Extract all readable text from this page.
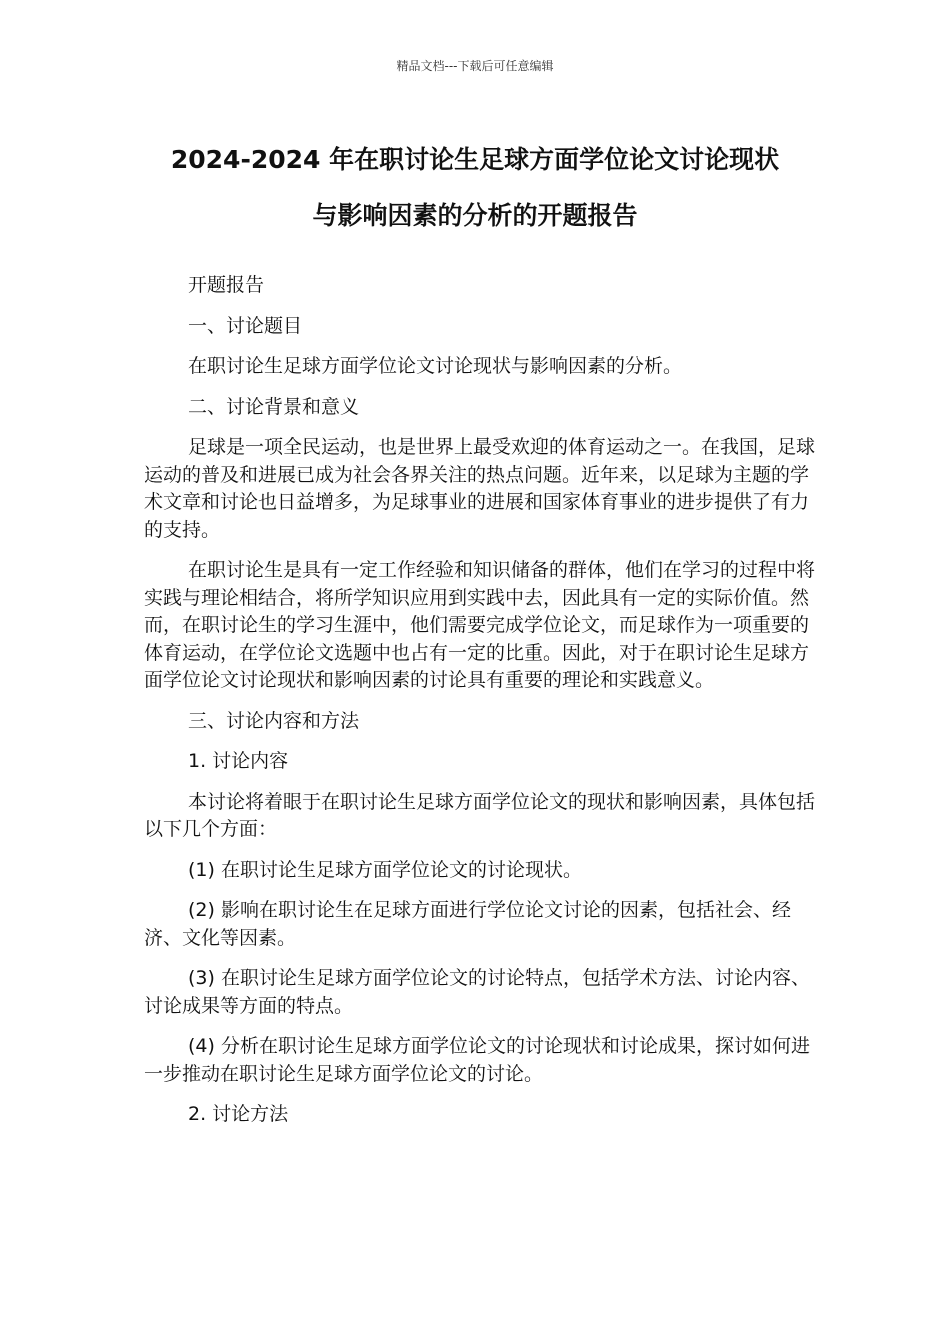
精品文档---下载后可任意编辑
2024-2024 年在职讨论生足球方面学位论文讨论现状
与影响因素的分析的开题报告

开题报告

一、讨论题目

在职讨论生足球方面学位论文讨论现状与影响因素的分析。

二、讨论背景和意义

足球是一项全民运动，也是世界上最受欢迎的体育运动之一。在我国，足球运动的普及和进展已成为社会各界关注的热点问题。近年来，以足球为主题的学术文章和讨论也日益增多，为足球事业的进展和国家体育事业的进步提供了有力的支持。

在职讨论生是具有一定工作经验和知识储备的群体，他们在学习的过程中将实践与理论相结合，将所学知识应用到实践中去，因此具有一定的实际价值。然而，在职讨论生的学习生涯中，他们需要完成学位论文，而足球作为一项重要的体育运动，在学位论文选题中也占有一定的比重。因此，对于在职讨论生足球方面学位论文讨论现状和影响因素的讨论具有重要的理论和实践意义。

三、讨论内容和方法

1. 讨论内容

本讨论将着眼于在职讨论生足球方面学位论文的现状和影响因素，具体包括以下几个方面：

(1) 在职讨论生足球方面学位论文的讨论现状。

(2) 影响在职讨论生在足球方面进行学位论文讨论的因素，包括社会、经济、文化等因素。

(3) 在职讨论生足球方面学位论文的讨论特点，包括学术方法、讨论内容、讨论成果等方面的特点。

(4) 分析在职讨论生足球方面学位论文的讨论现状和讨论成果，探讨如何进一步推动在职讨论生足球方面学位论文的讨论。

2. 讨论方法
